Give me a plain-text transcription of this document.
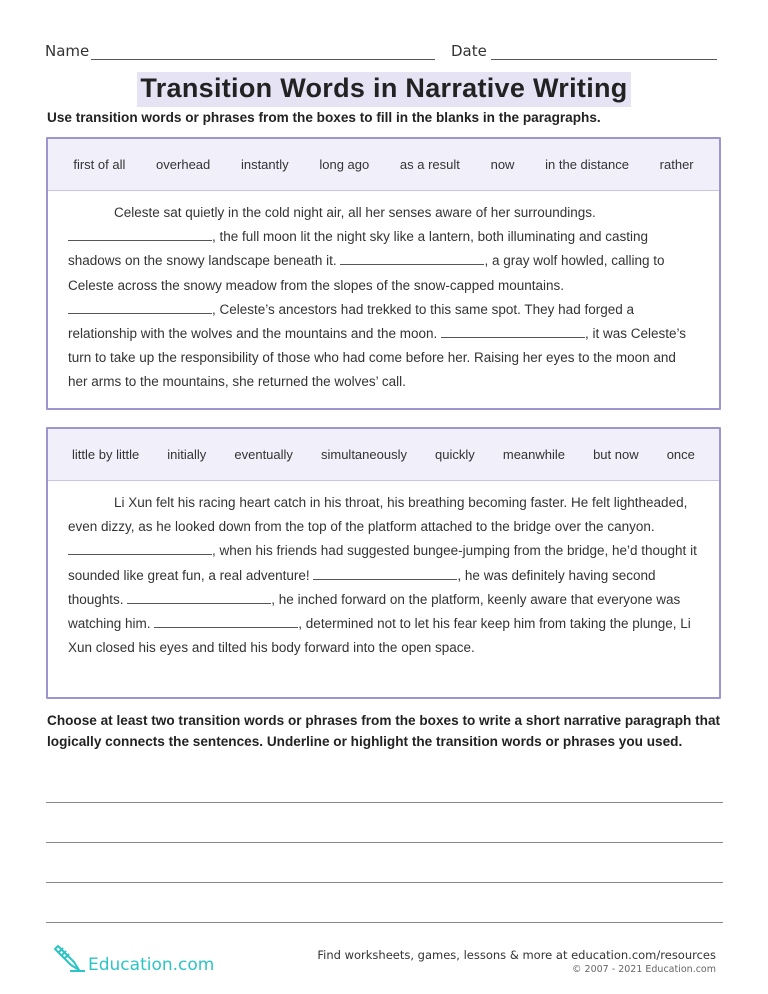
Name	Date
Transition Words in Narrative Writing
Use transition words or phrases from the boxes to fill in the blanks in the paragraphs.
first of all overhead instantly long ago as a result now in the distance rather
Celeste sat quietly in the cold night air, all her senses aware of her surroundings.
, the full moon lit the night sky like a lantern, both illuminating and casting shadows on the snowy landscape beneath it.	, a gray wolf howled, calling to Celeste across the snowy meadow from the slopes of the snow-capped mountains. , Celeste’s ancestors had trekked to this same spot. They had forged a relationship with the wolves and the mountains and the moon.	, it was Celeste’s turn to take up the responsibility of those who had come before her. Raising her eyes to the moon and her arms to the mountains, she returned the wolves’ call.
little by little initially eventually simultaneously quickly meanwhile but now once
Li Xun felt his racing heart catch in his throat, his breathing becoming faster. He felt lightheaded, even dizzy, as he looked down from the top of the platform attached to the bridge over the canyon. , when his friends had suggested bungee-jumping from the bridge, he’d thought it sounded like great fun, a real adventure!	, he was definitely having second thoughts.	, he inched forward on the platform, keenly aware that everyone was watching him.	, determined not to let his fear keep him from taking the plunge, Li Xun closed his eyes and tilted his body forward into the open space.
Choose at least two transition words or phrases from the boxes to write a short narrative paragraph that logically connects the sentences. Underline or highlight the transition words or phrases you used.
Education.com	Find worksheets, games, lessons & more at education.com/resources
© 2007 - 2021 Education.com
